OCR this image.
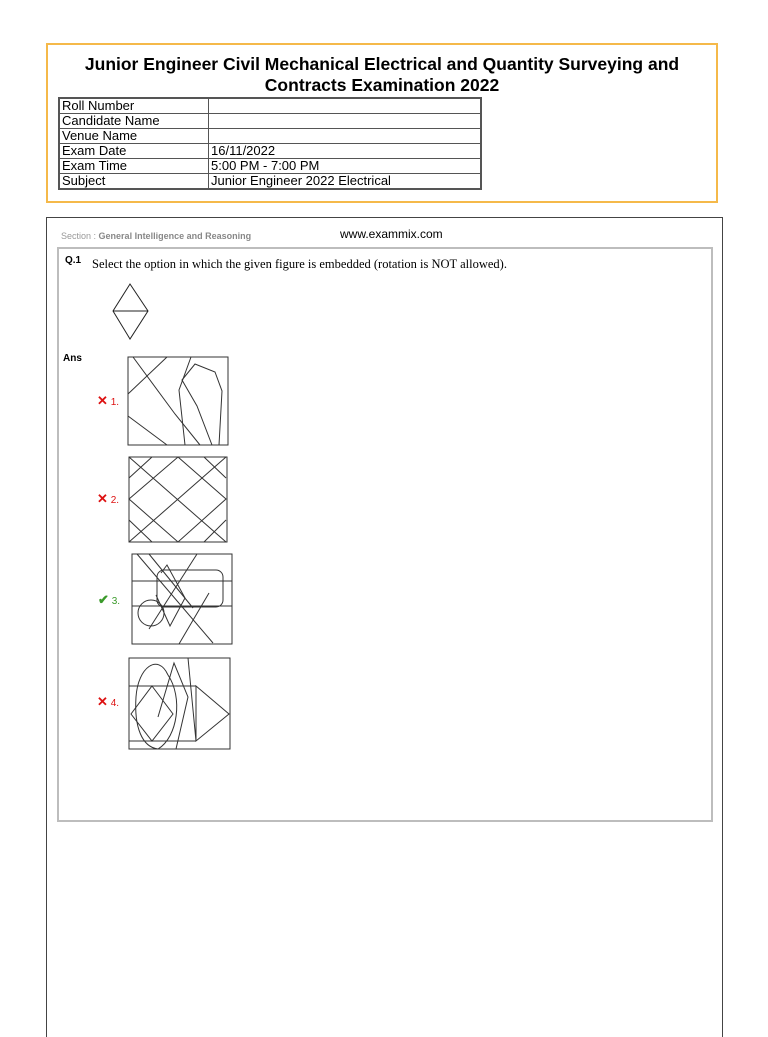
Junior Engineer Civil Mechanical Electrical and Quantity Surveying and
Contracts Examination 2022
Roll Number	
Candidate Name	
Venue Name	
Exam Date	16/11/2022
Exam Time	5:00 PM - 7:00 PM
Subject	Junior Engineer 2022 Electrical
Section : General Intelligence and Reasoning	www.exammix.com
Q.1 Select the option in which the given figure is embedded (rotation is NOT allowed).
Ans
✕ 1.
✕ 2.
✔ 3.
✕ 4.
